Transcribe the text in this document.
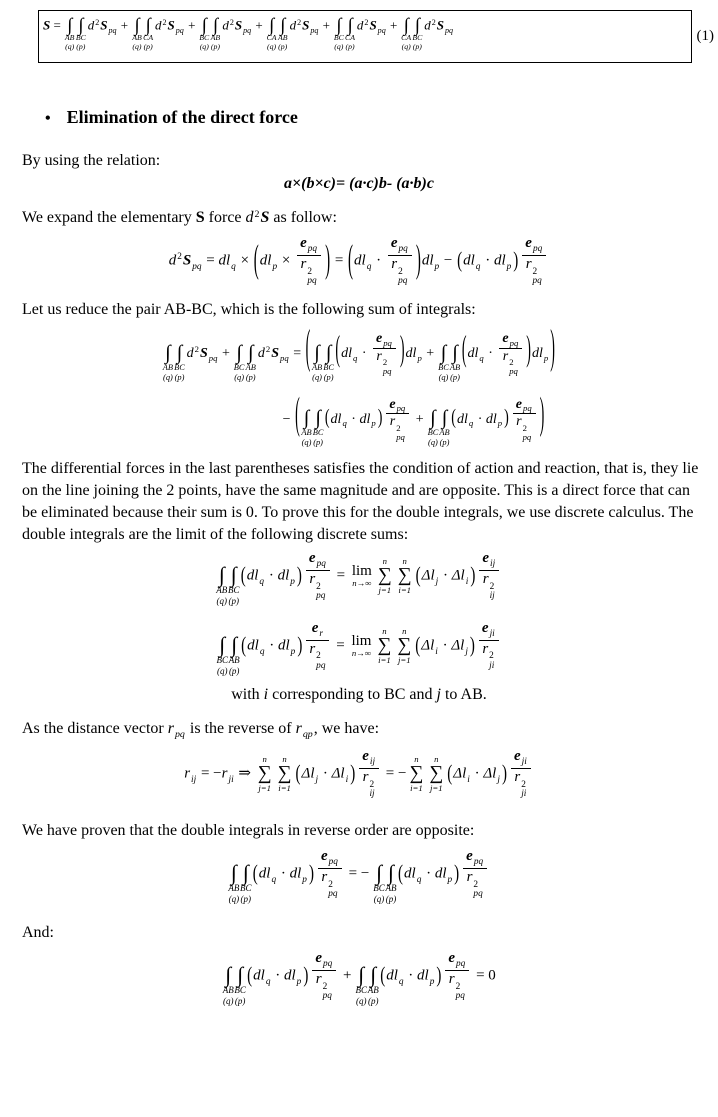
S = ∫
AB
(q)
∫
BC
(p)
$d^2S_{pq}$ + ∫
AB
(q)
∫
CA
(p)
$d^2S_{pq}$ + ∫
BC
(q)
∫
AB
(p)
$d^2S_{pq}$ + ∫
CA
(q)
∫
AB
(p)
$d^2S_{pq}$ + ∫
BC
(q)
∫
CA
(p)
$d^2S_{pq}$ + ∫
CA
(q)
∫
BC
(p)
$d^2S_{pq}$	(1)
• Elimination of the direct force

By using the relation:

a×(b×c)= (a·c)b- (a·b)c

We expand the elementary S force $d^2S$ as follow:

$d^2S_{pq} = dl_q \times (dl_p \times e_{pq}$
r 2
pq ) = ($dl_q \cdot e_{pq}$
r 2
pq )$dl_p - (dl_q \cdot dl_p$ ) $e_{pq}$
r 2
pq

Let us reduce the pair AB-BC, which is the following sum of integrals:

∫
AB
(q)
∫
BC
(p)
$d^2S_{pq}$ + ∫
BC
(q)
∫
AB
(p)
$d^2S_{pq}$ = ( ∫
AB
(q)
∫
BC
(p)
($dl_q \cdot e_{pq}$
r 2
pq )$dl_p$ + ∫
BC
(q)
∫
AB
(p)
($dl_q \cdot e_{pq}$
r 2
pq )$dl_p$ )
− ( ∫
AB
(q)
∫
BC
(p)
($dl_q \cdot dl_p$ ) $e_{pq}$
r 2
pq + ∫
BC
(q)
∫
AB
(p)
($dl_q \cdot dl_p$ ) $e_{pq}$
r 2
pq )

The differential forces in the last parentheses satisfies the condition of action and reaction, that is, they lie on the line joining the 2 points, have the same magnitude and are opposite. This is a direct force that can be eliminated because their sum is 0. To prove this for the double integrals, we use discrete calculus. The double integrals are the limit of the following discrete sums:

∫
AB
(q)
∫
BC
(p)
($dl_q \cdot dl_p$ ) $e_{pq}$
r 2
pq = lim
n→∞
n
∑
j=1
n
∑
i=1
($\Delta l_j \cdot \Delta l_i$ ) $e_{ij}$
r 2
ij
∫
BC
(q)
∫
AB
(p)
($dl_q \cdot dl_p$ ) $e_r$
r 2
pq = lim
n→∞
n
∑
i=1
n
∑
j=1
($\Delta l_i \cdot \Delta l_j$ ) $e_{ji}$
r 2
ji
with i corresponding to BC and j to AB.

As the distance vector $r_{pq}$ is the reverse of $r_{qp}$, we have:

$r_{ij} = -r_{ji}$ ⇒
n
∑
j=1
n
∑
i=1
($\Delta l_j \cdot \Delta l_i$ ) $e_{ij}$
r 2
ij = −
n
∑
i=1
n
∑
j=1
($\Delta l_i \cdot \Delta l_j$ ) $e_{ji}$
r 2
ji

We have proven that the double integrals in reverse order are opposite:

∫
AB
(q)
∫
BC
(p)
($dl_q \cdot dl_p$ ) $e_{pq}$
r 2
pq = − ∫
BC
(q)
∫
AB
(p)
($dl_q \cdot dl_p$ ) $e_{pq}$
r 2
pq

And:

∫
AB
(q)
∫
BC
(p)
($dl_q \cdot dl_p$ ) $e_{pq}$
r 2
pq + ∫
BC
(q)
∫
AB
(p)
($dl_q \cdot dl_p$ ) $e_{pq}$
r 2
pq = 0
